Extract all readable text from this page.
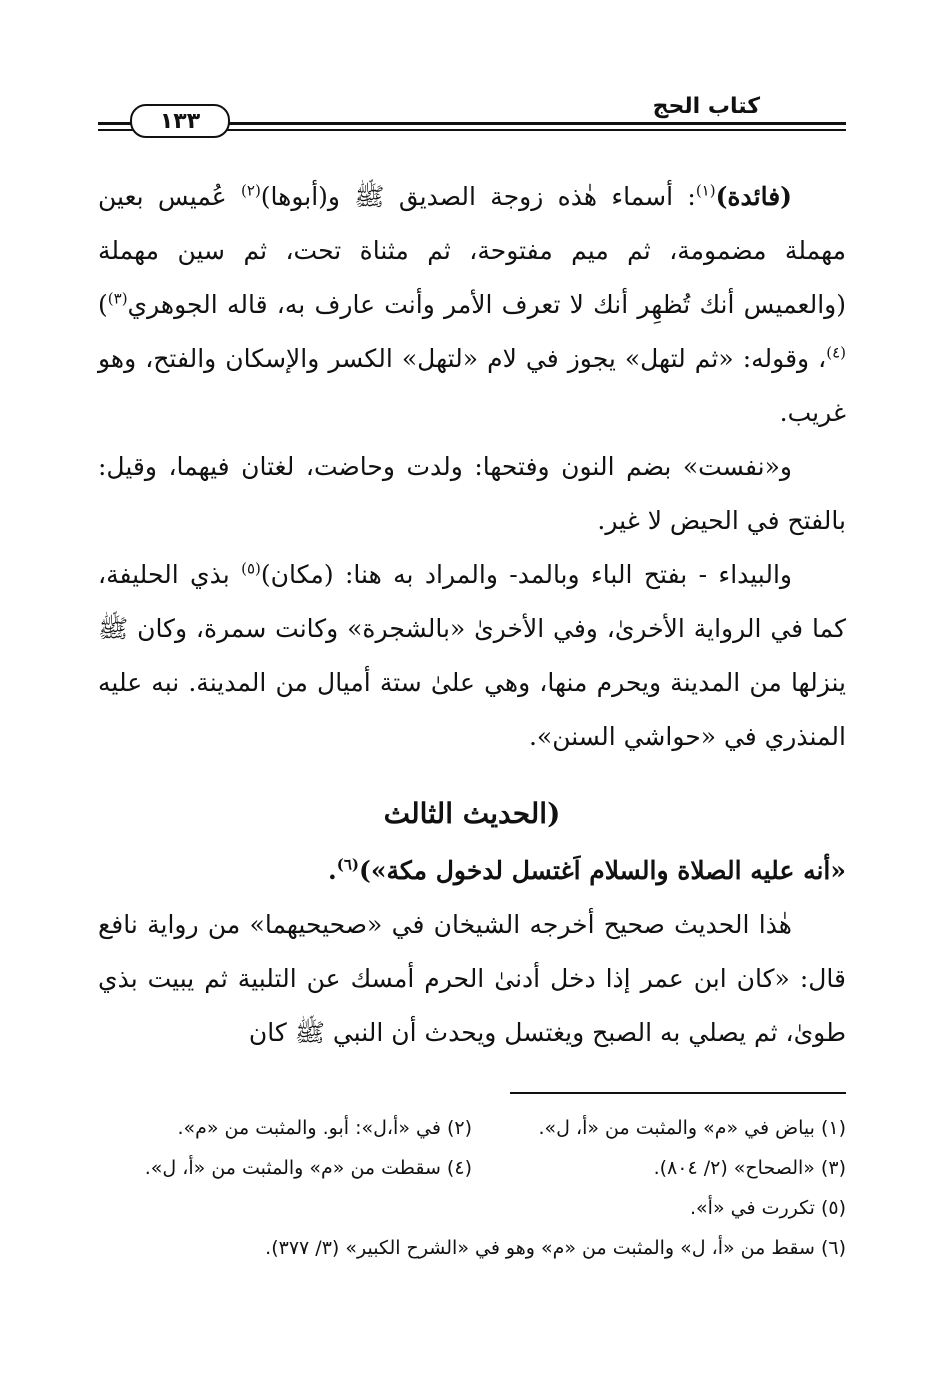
كتاب الحج
١٣٣

(فائدة)$^{(١)}$: أسماء هٰذه زوجة الصديق ﷺ و(أبوها)$^{(٢)}$ عُميس بعين مهملة مضمومة، ثم ميم مفتوحة، ثم مثناة تحت، ثم سين مهملة (والعميس أنك تُظهِر أنك لا تعرف الأمر وأنت عارف به، قاله الجوهري$^{(٣)}$)$^{(٤)}$، وقوله: «ثم لتهل» يجوز في لام «لتهل» الكسر والإسكان والفتح، وهو غريب.

و«نفست» بضم النون وفتحها: ولدت وحاضت، لغتان فيهما، وقيل: بالفتح في الحيض لا غير.

والبيداء - بفتح الباء وبالمد- والمراد به هنا: (مكان)$^{(٥)}$ بذي الحليفة، كما في الرواية الأخرىٰ، وفي الأخرىٰ «بالشجرة» وكانت سمرة، وكان ﷺ ينزلها من المدينة ويحرم منها، وهي علىٰ ستة أميال من المدينة. نبه عليه المنذري في «حواشي السنن».

(الحديث الثالث

«أنه عليه الصلاة والسلام اَغتسل لدخول مكة»)$^{(٦)}$.

هٰذا الحديث صحيح أخرجه الشيخان في «صحيحيهما» من رواية نافع قال: «كان ابن عمر إذا دخل أدنىٰ الحرم أمسك عن التلبية ثم يبيت بذي طوىٰ، ثم يصلي به الصبح ويغتسل ويحدث أن النبي ﷺ كان

(١) بياض في «م» والمثبت من «أ، ل».
(٢) في «أ،ل»: أبو. والمثبت من «م».
(٣) «الصحاح» (٢/ ٨٠٤).
(٤) سقطت من «م» والمثبت من «أ، ل».
(٥) تكررت في «أ».
(٦) سقط من «أ، ل» والمثبت من «م» وهو في «الشرح الكبير» (٣/ ٣٧٧).
